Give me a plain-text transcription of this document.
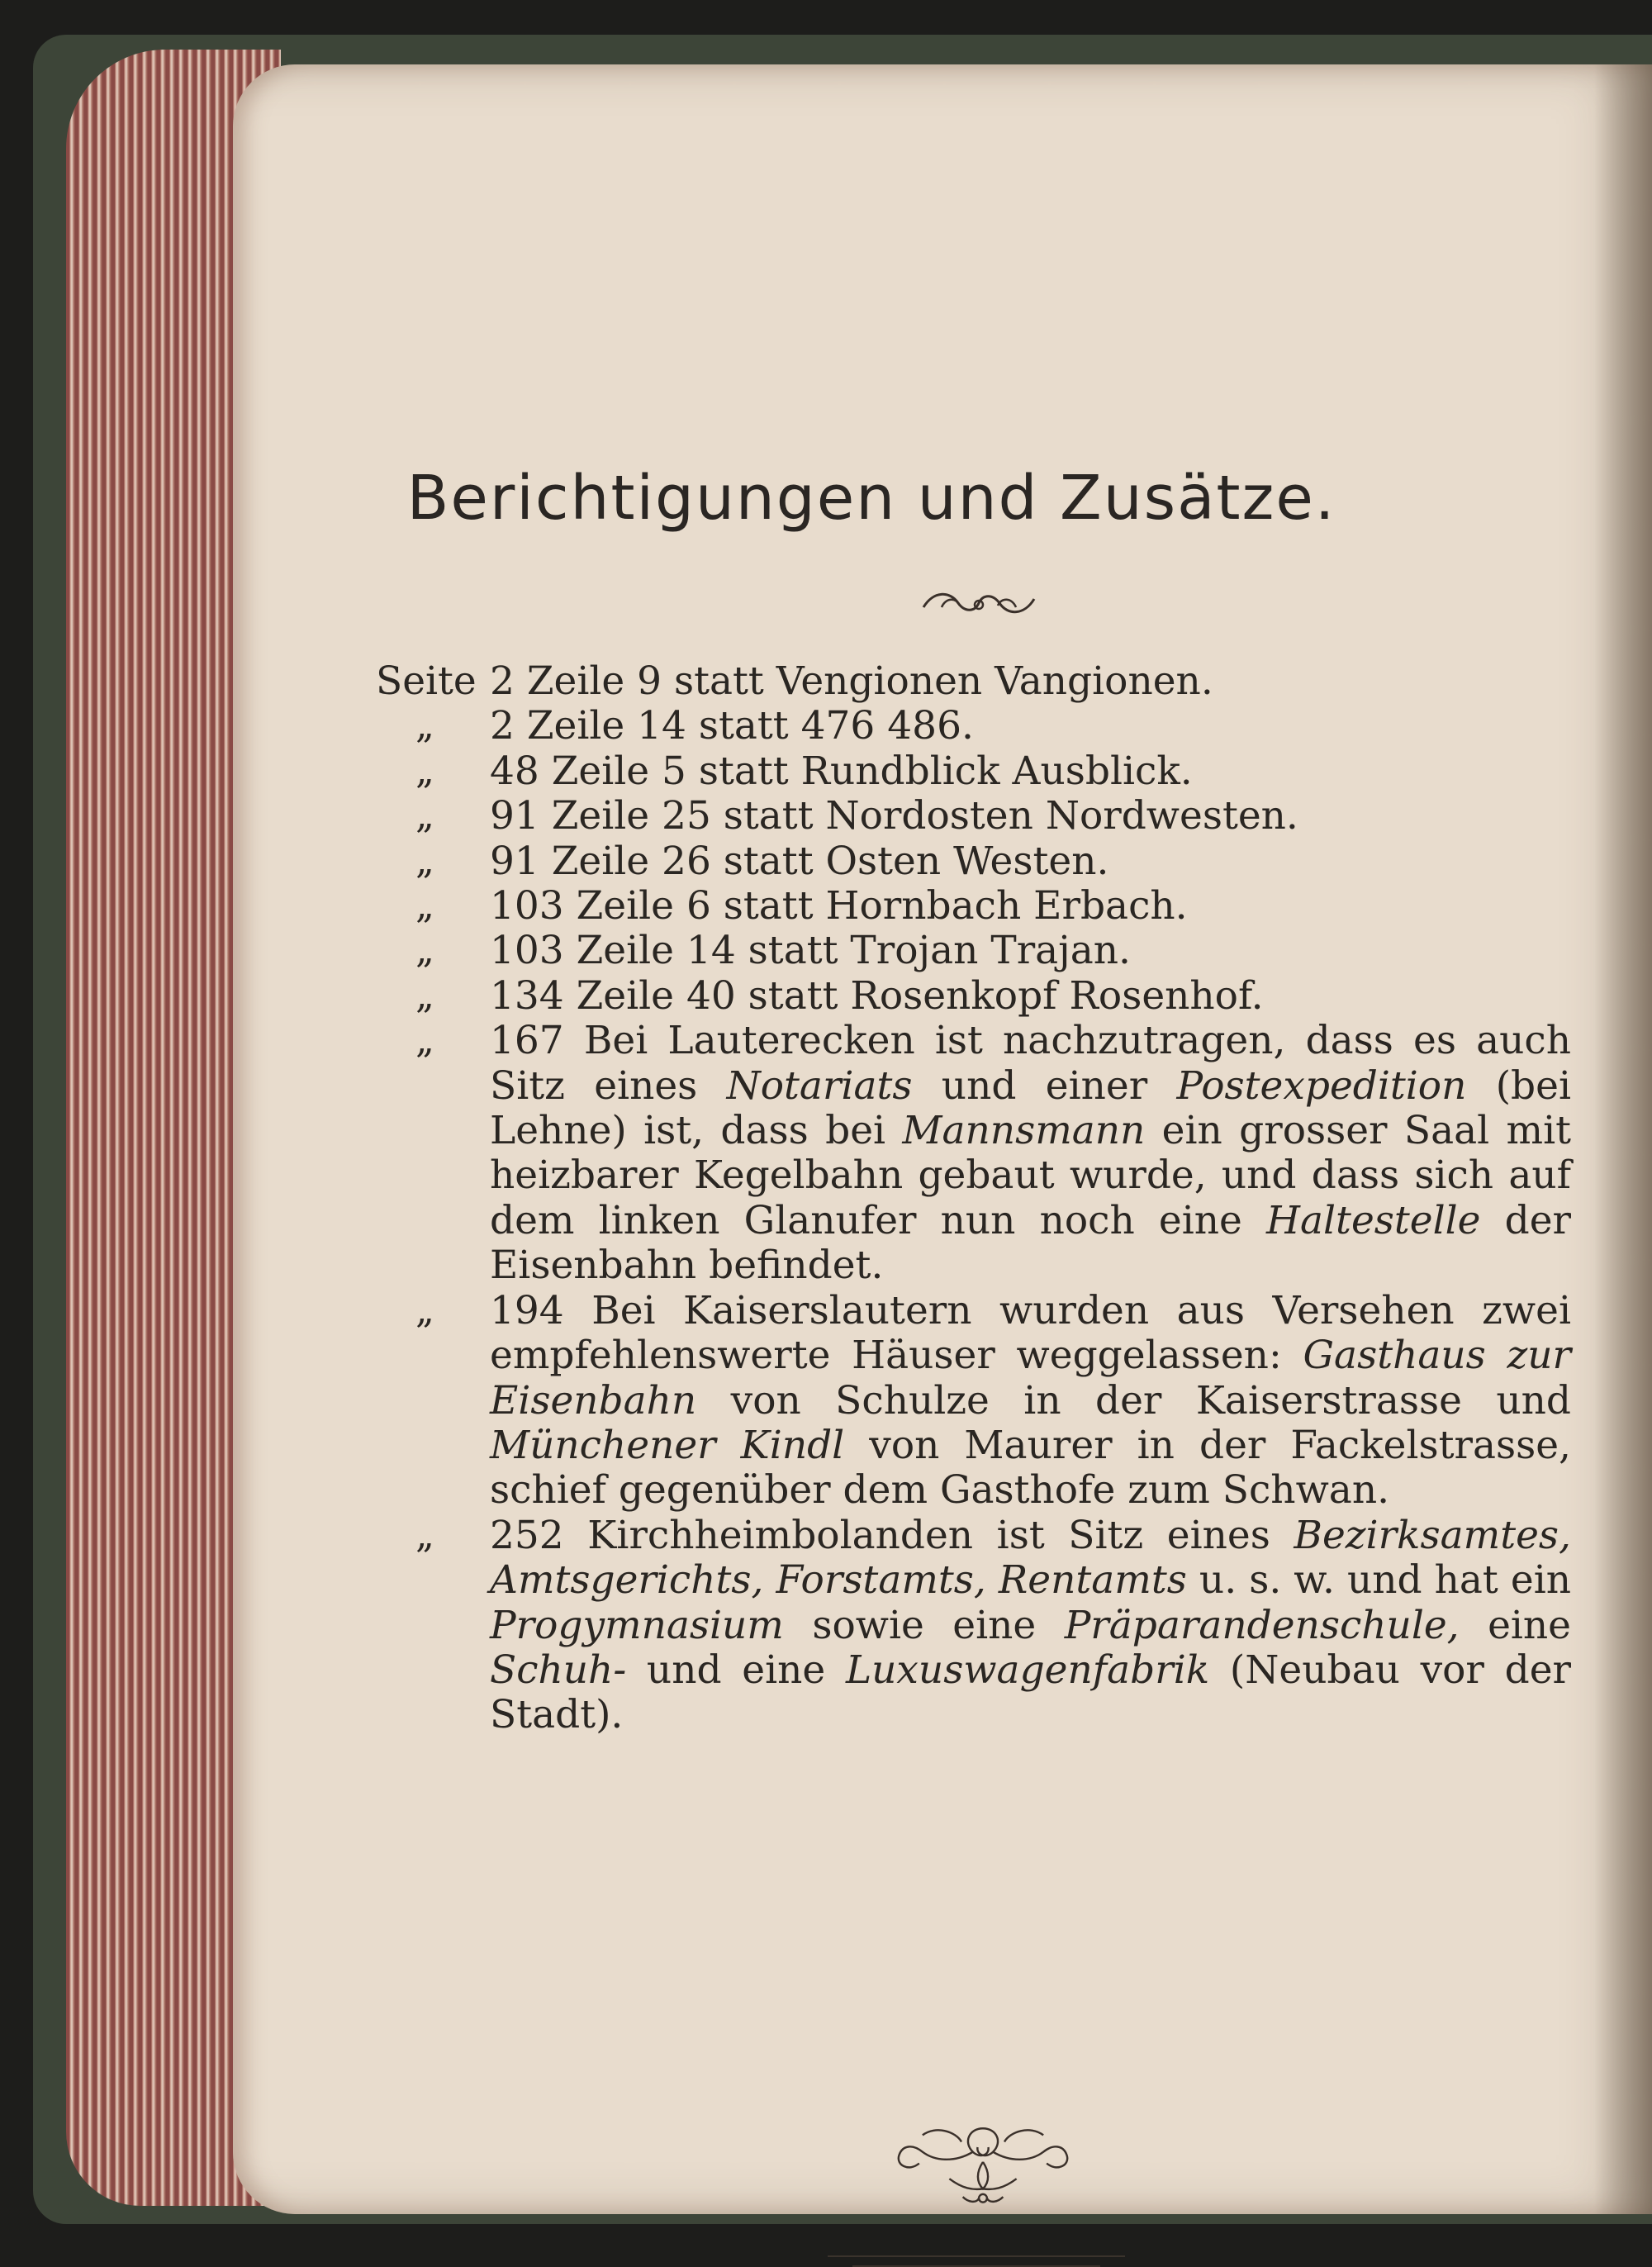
Berichtigungen und Zusätze.
Seite 2 Zeile 9 statt Vengionen Vangionen.
„ 2 Zeile 14 statt 476 486.
„ 48 Zeile 5 statt Rundblick Ausblick.
„ 91 Zeile 25 statt Nordosten Nordwesten.
„ 91 Zeile 26 statt Osten Westen.
„ 103 Zeile 6 statt Hornbach Erbach.
„ 103 Zeile 14 statt Trojan Trajan.
„ 134 Zeile 40 statt Rosenkopf Rosenhof.
„ 167 Bei Lauterecken ist nachzutragen, dass es auch Sitz eines Notariats und einer Postexpedition (bei Lehne) ist, dass bei Mannsmann ein grosser Saal mit heizbarer Kegelbahn gebaut wurde, und dass sich auf dem linken Glanufer nun noch eine Haltestelle der Eisenbahn befindet.
„ 194 Bei Kaiserslautern wurden aus Versehen zwei empfehlenswerte Häuser weggelassen: Gasthaus zur Eisenbahn von Schulze in der Kaiserstrasse und Münchener Kindl von Maurer in der Fackelstrasse, schief gegenüber dem Gasthofe zum Schwan.
„ 252 Kirchheimbolanden ist Sitz eines Bezirksamtes, Amtsgerichts, Forstamts, Rentamts u. s. w. und hat ein Progymnasium sowie eine Präparandenschule, eine Schuh- und eine Luxuswagenfabrik (Neubau vor der Stadt).
